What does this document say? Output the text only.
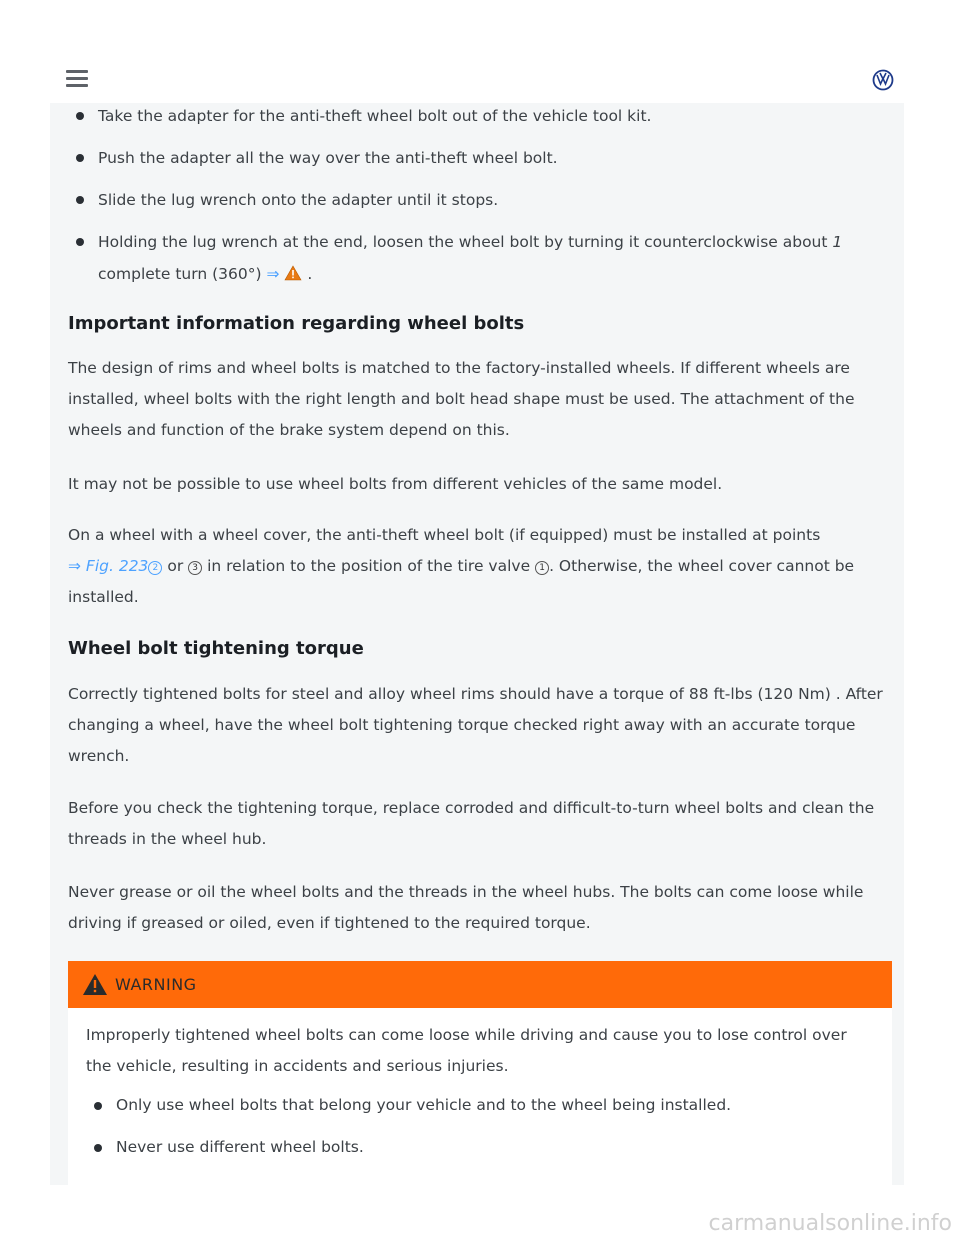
Take the adapter for the anti-theft wheel bolt out of the vehicle tool kit.
Push the adapter all the way over the anti-theft wheel bolt.
Slide the lug wrench onto the adapter until it stops.
Holding the lug wrench at the end, loosen the wheel bolt by turning it counterclockwise about 1
complete turn (360°) ⇒ .
Important information regarding wheel bolts
The design of rims and wheel bolts is matched to the factory-installed wheels. If different wheels are installed, wheel bolts with the right length and bolt head shape must be used. The attachment of the wheels and function of the brake system depend on this.
It may not be possible to use wheel bolts from different vehicles of the same model.
On a wheel with a wheel cover, the anti-theft wheel bolt (if equipped) must be installed at points
⇒ Fig. 223 2 or 3 in relation to the position of the tire valve 1 . Otherwise, the wheel cover cannot be
installed.
Wheel bolt tightening torque
Correctly tightened bolts for steel and alloy wheel rims should have a torque of 88 ft-lbs (120 Nm) . After changing a wheel, have the wheel bolt tightening torque checked right away with an accurate torque wrench.
Before you check the tightening torque, replace corroded and difficult-to-turn wheel bolts and clean the threads in the wheel hub.
Never grease or oil the wheel bolts and the threads in the wheel hubs. The bolts can come loose while driving if greased or oiled, even if tightened to the required torque.
WARNING
Improperly tightened wheel bolts can come loose while driving and cause you to lose control over the vehicle, resulting in accidents and serious injuries.
Only use wheel bolts that belong your vehicle and to the wheel being installed.
Never use different wheel bolts.
carmanualsonline.info
